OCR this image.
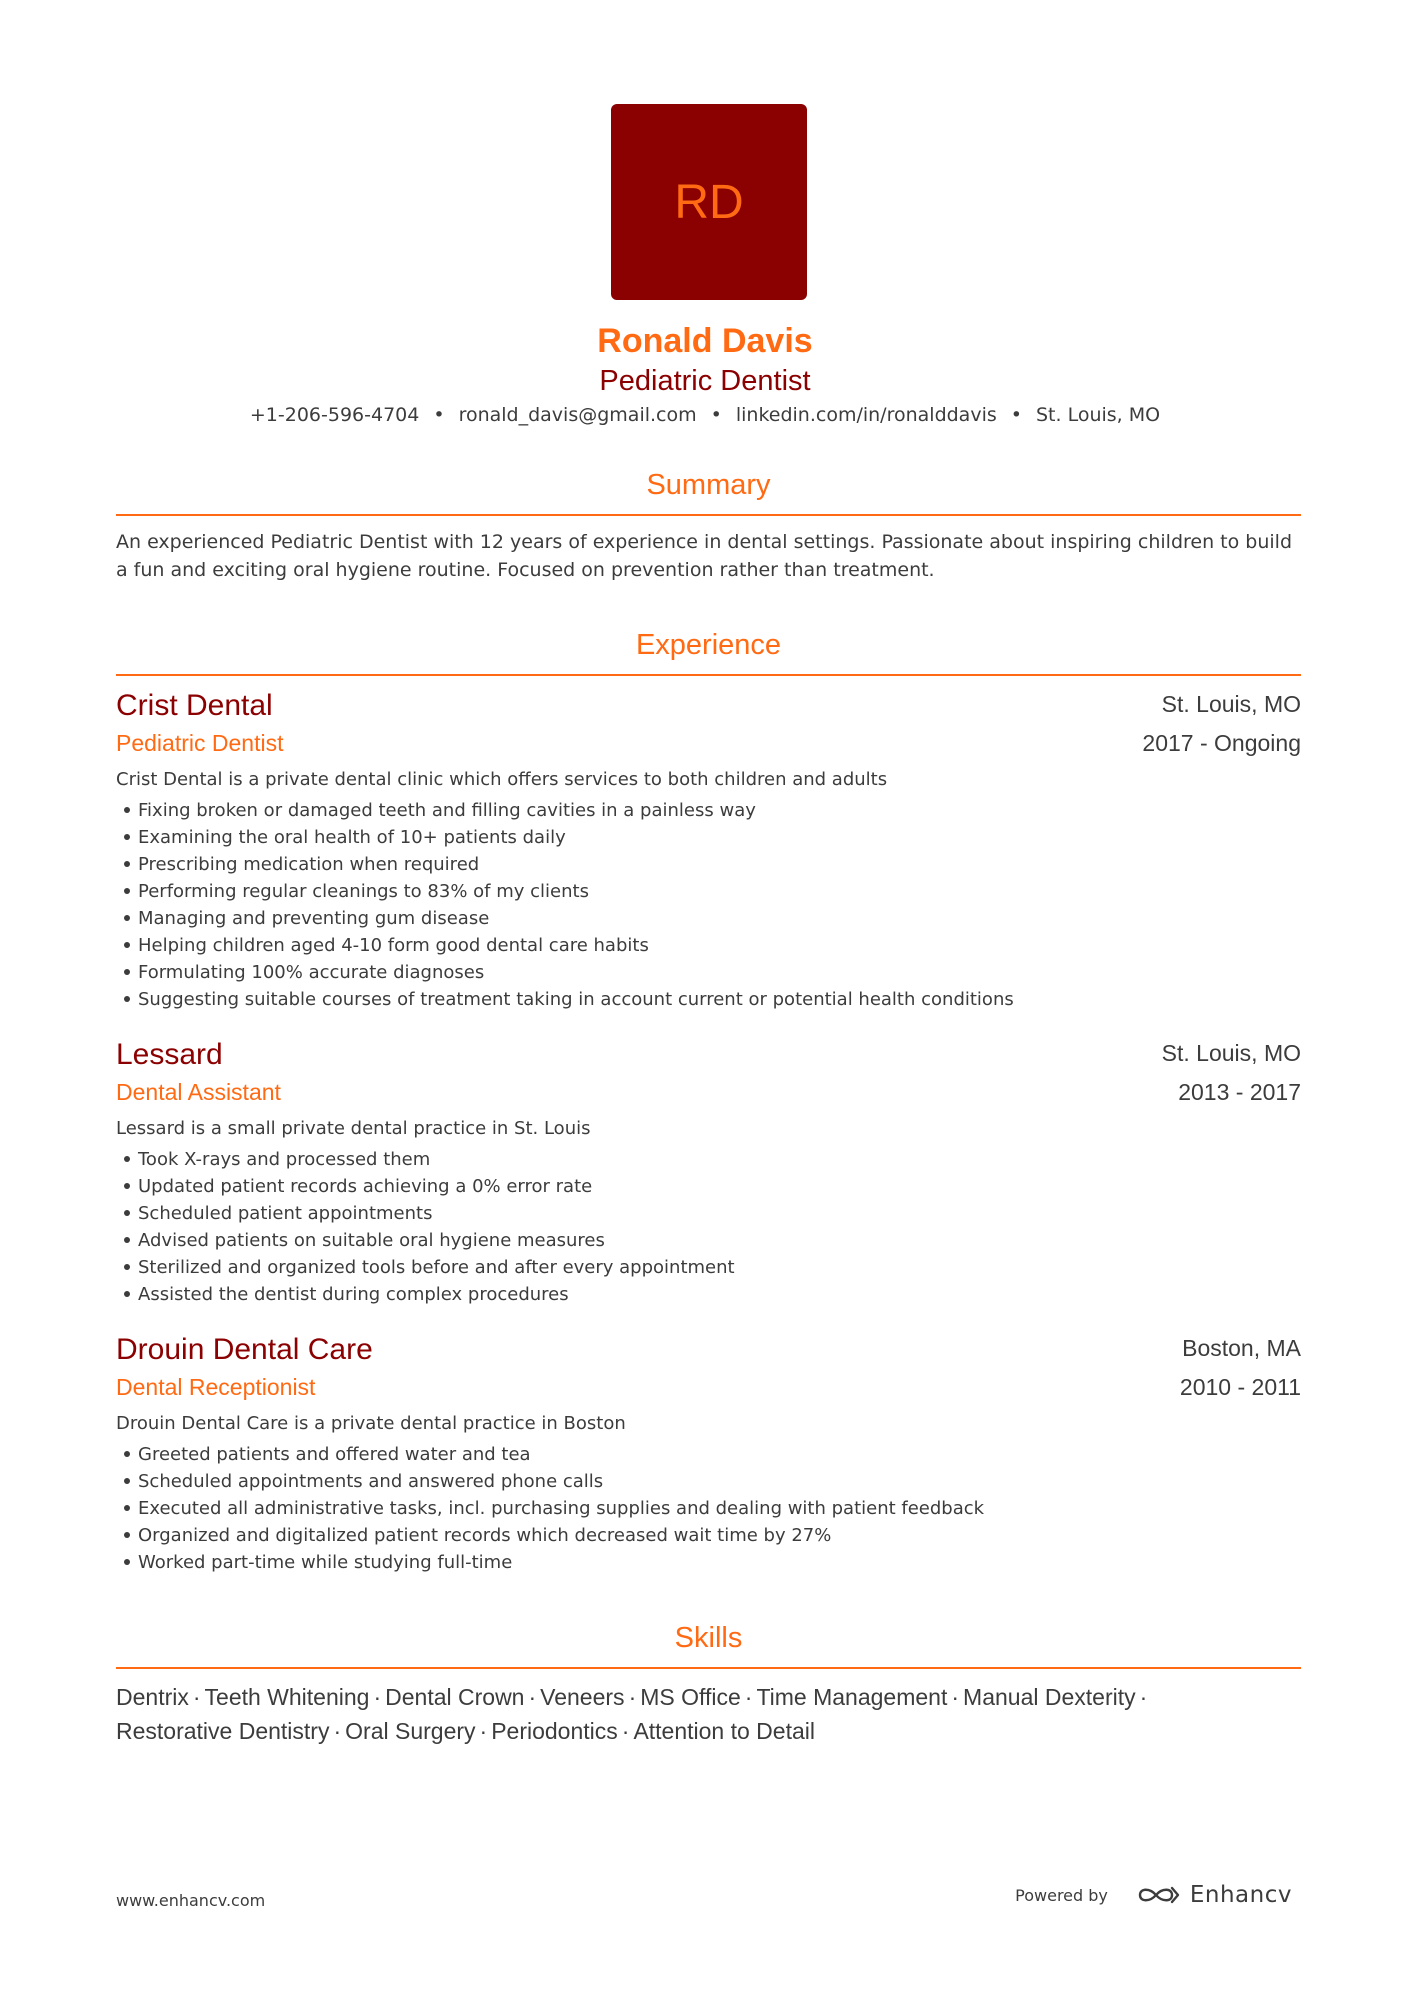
RD
Ronald Davis
Pediatric Dentist
+1-206-596-4704 • ronald_davis@gmail.com • linkedin.com/in/ronalddavis • St. Louis, MO
Summary
An experienced Pediatric Dentist with 12 years of experience in dental settings. Passionate about inspiring children to build a fun and exciting oral hygiene routine. Focused on prevention rather than treatment.
Experience
Crist Dental	St. Louis, MO
Pediatric Dentist	2017 - Ongoing
Crist Dental is a private dental clinic which offers services to both children and adults
Fixing broken or damaged teeth and filling cavities in a painless way
Examining the oral health of 10+ patients daily
Prescribing medication when required
Performing regular cleanings to 83% of my clients
Managing and preventing gum disease
Helping children aged 4-10 form good dental care habits
Formulating 100% accurate diagnoses
Suggesting suitable courses of treatment taking in account current or potential health conditions
Lessard	St. Louis, MO
Dental Assistant	2013 - 2017
Lessard is a small private dental practice in St. Louis
Took X-rays and processed them
Updated patient records achieving a 0% error rate
Scheduled patient appointments
Advised patients on suitable oral hygiene measures
Sterilized and organized tools before and after every appointment
Assisted the dentist during complex procedures
Drouin Dental Care	Boston, MA
Dental Receptionist	2010 - 2011
Drouin Dental Care is a private dental practice in Boston
Greeted patients and offered water and tea
Scheduled appointments and answered phone calls
Executed all administrative tasks, incl. purchasing supplies and dealing with patient feedback
Organized and digitalized patient records which decreased wait time by 27%
Worked part-time while studying full-time
Skills
Dentrix · Teeth Whitening · Dental Crown · Veneers · MS Office · Time Management · Manual Dexterity ·
Restorative Dentistry · Oral Surgery · Periodontics · Attention to Detail
www.enhancv.com	Powered by	Enhancv
